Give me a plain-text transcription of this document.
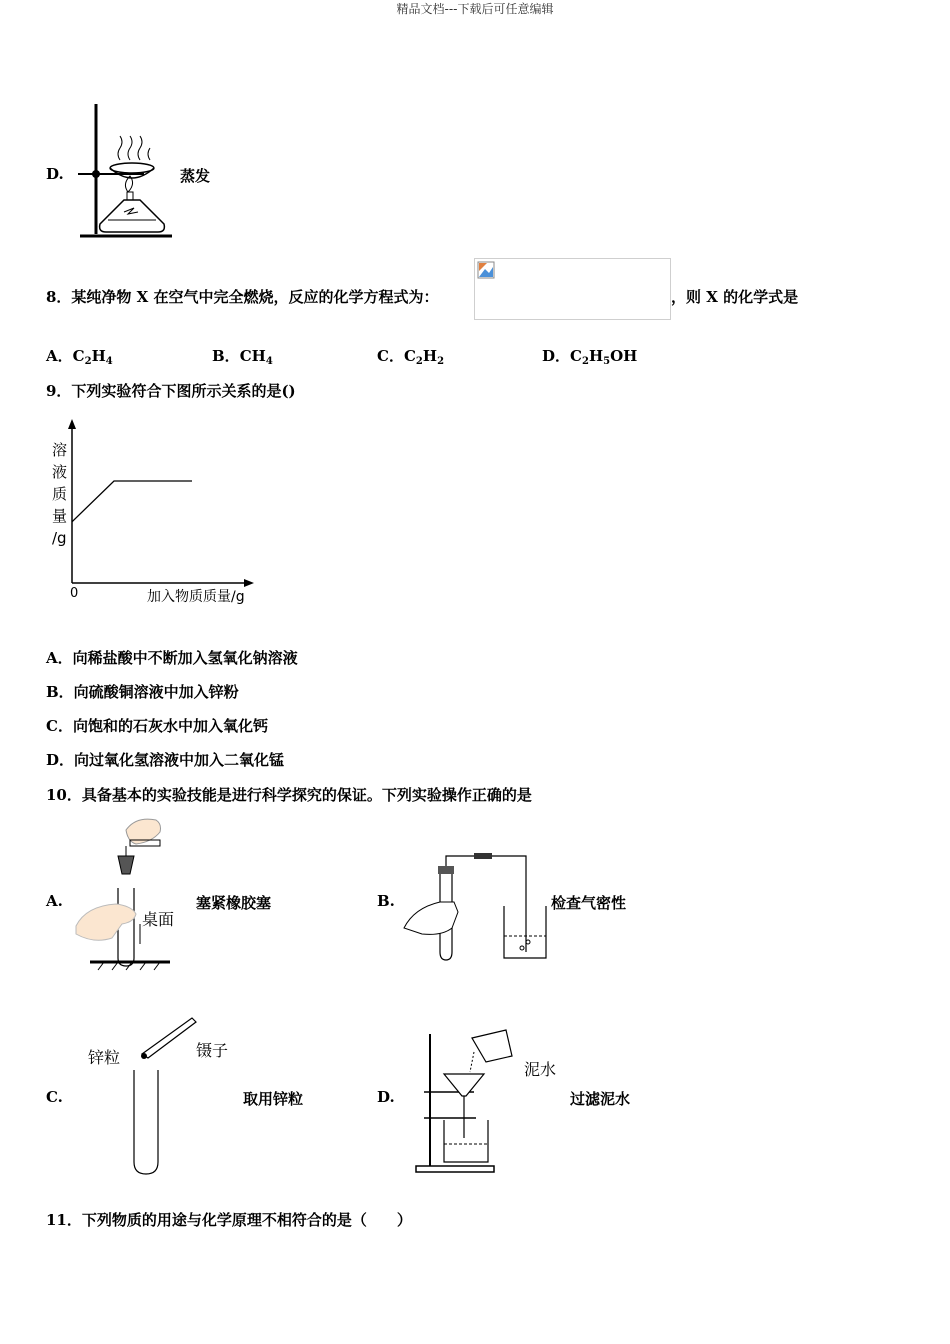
精品文档---下载后可任意编辑
D.	蒸发
8．某纯净物 X 在空气中完全燃烧，反应的化学方程式为：	，则 X 的化学式是
A．$C_2H_4$	B．$CH_4$	C．$C_2H_2$	D．$C_2H_5OH$
9．下列实验符合下图所示关系的是()
溶
液
质
量
/g
0	加入物质质量/g
A．向稀盐酸中不断加入氢氧化钠溶液
B．向硫酸铜溶液中加入锌粉
C．向饱和的石灰水中加入氧化钙
D．向过氧化氢溶液中加入二氧化锰
10．具备基本的实验技能是进行科学探究的保证。下列实验操作正确的是
桌面
A.	塞紧橡胶塞	B.	检查气密性
锌粒	镊子
C.	取用锌粒
泥水
D.	过滤泥水
11．下列物质的用途与化学原理不相符合的是（　　）
